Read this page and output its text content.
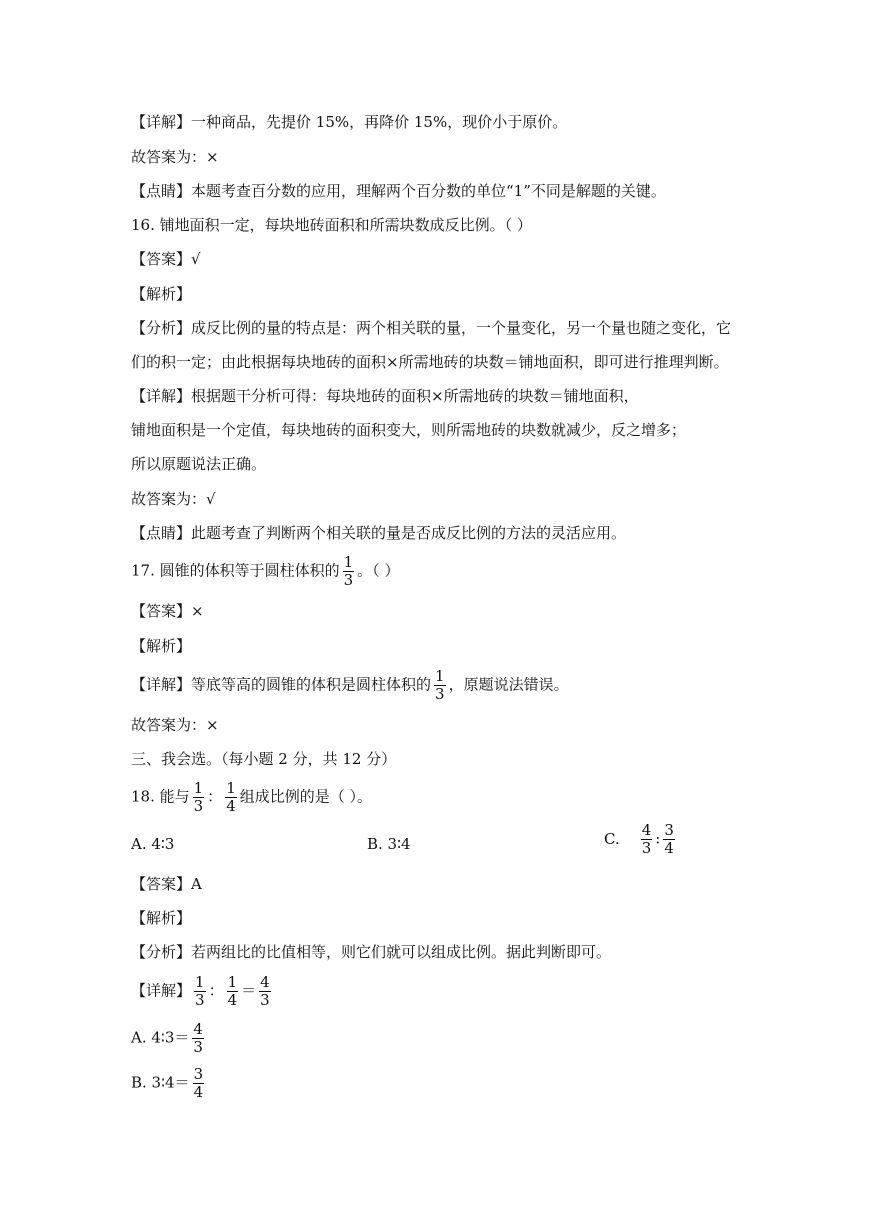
【详解】一种商品，先提价 15%，再降价 15%，现价小于原价。
故答案为：×
【点睛】本题考查百分数的应用，理解两个百分数的单位“1”不同是解题的关键。
16. 铺地面积一定，每块地砖面积和所需块数成反比例。（ ）
【答案】√
【解析】
【分析】成反比例的量的特点是：两个相关联的量，一个量变化，另一个量也随之变化，它
们的积一定；由此根据每块地砖的面积×所需地砖的块数＝铺地面积，即可进行推理判断。
【详解】根据题干分析可得：每块地砖的面积×所需地砖的块数＝铺地面积，
铺地面积是一个定值，每块地砖的面积变大，则所需地砖的块数就减少，反之增多；
所以原题说法正确。
故答案为：√
【点睛】此题考查了判断两个相关联的量是否成反比例的方法的灵活应用。
17. 圆锥的体积等于圆柱体积的 $\frac{1}{3}$ 。（ ）
【答案】×
【解析】
【详解】等底等高的圆锥的体积是圆柱体积的 $\frac{1}{3}$ ，原题说法错误。
故答案为：×
三、我会选。（每小题 2 分，共 12 分）
18. 能与 $\frac{1}{3}$ ： $\frac{1}{4}$ 组成比例的是（ ）。
A. 4∶3	B. 3∶4	C. $\frac{4}{3}$ : $\frac{3}{4}$
【答案】A
【解析】
【分析】若两组比的比值相等，则它们就可以组成比例。据此判断即可。
【详解】 $\frac{1}{3}$ ： $\frac{1}{4} = \frac{4}{3}$
A. 4∶3＝ $\frac{4}{3}$
B. 3∶4＝ $\frac{3}{4}$
